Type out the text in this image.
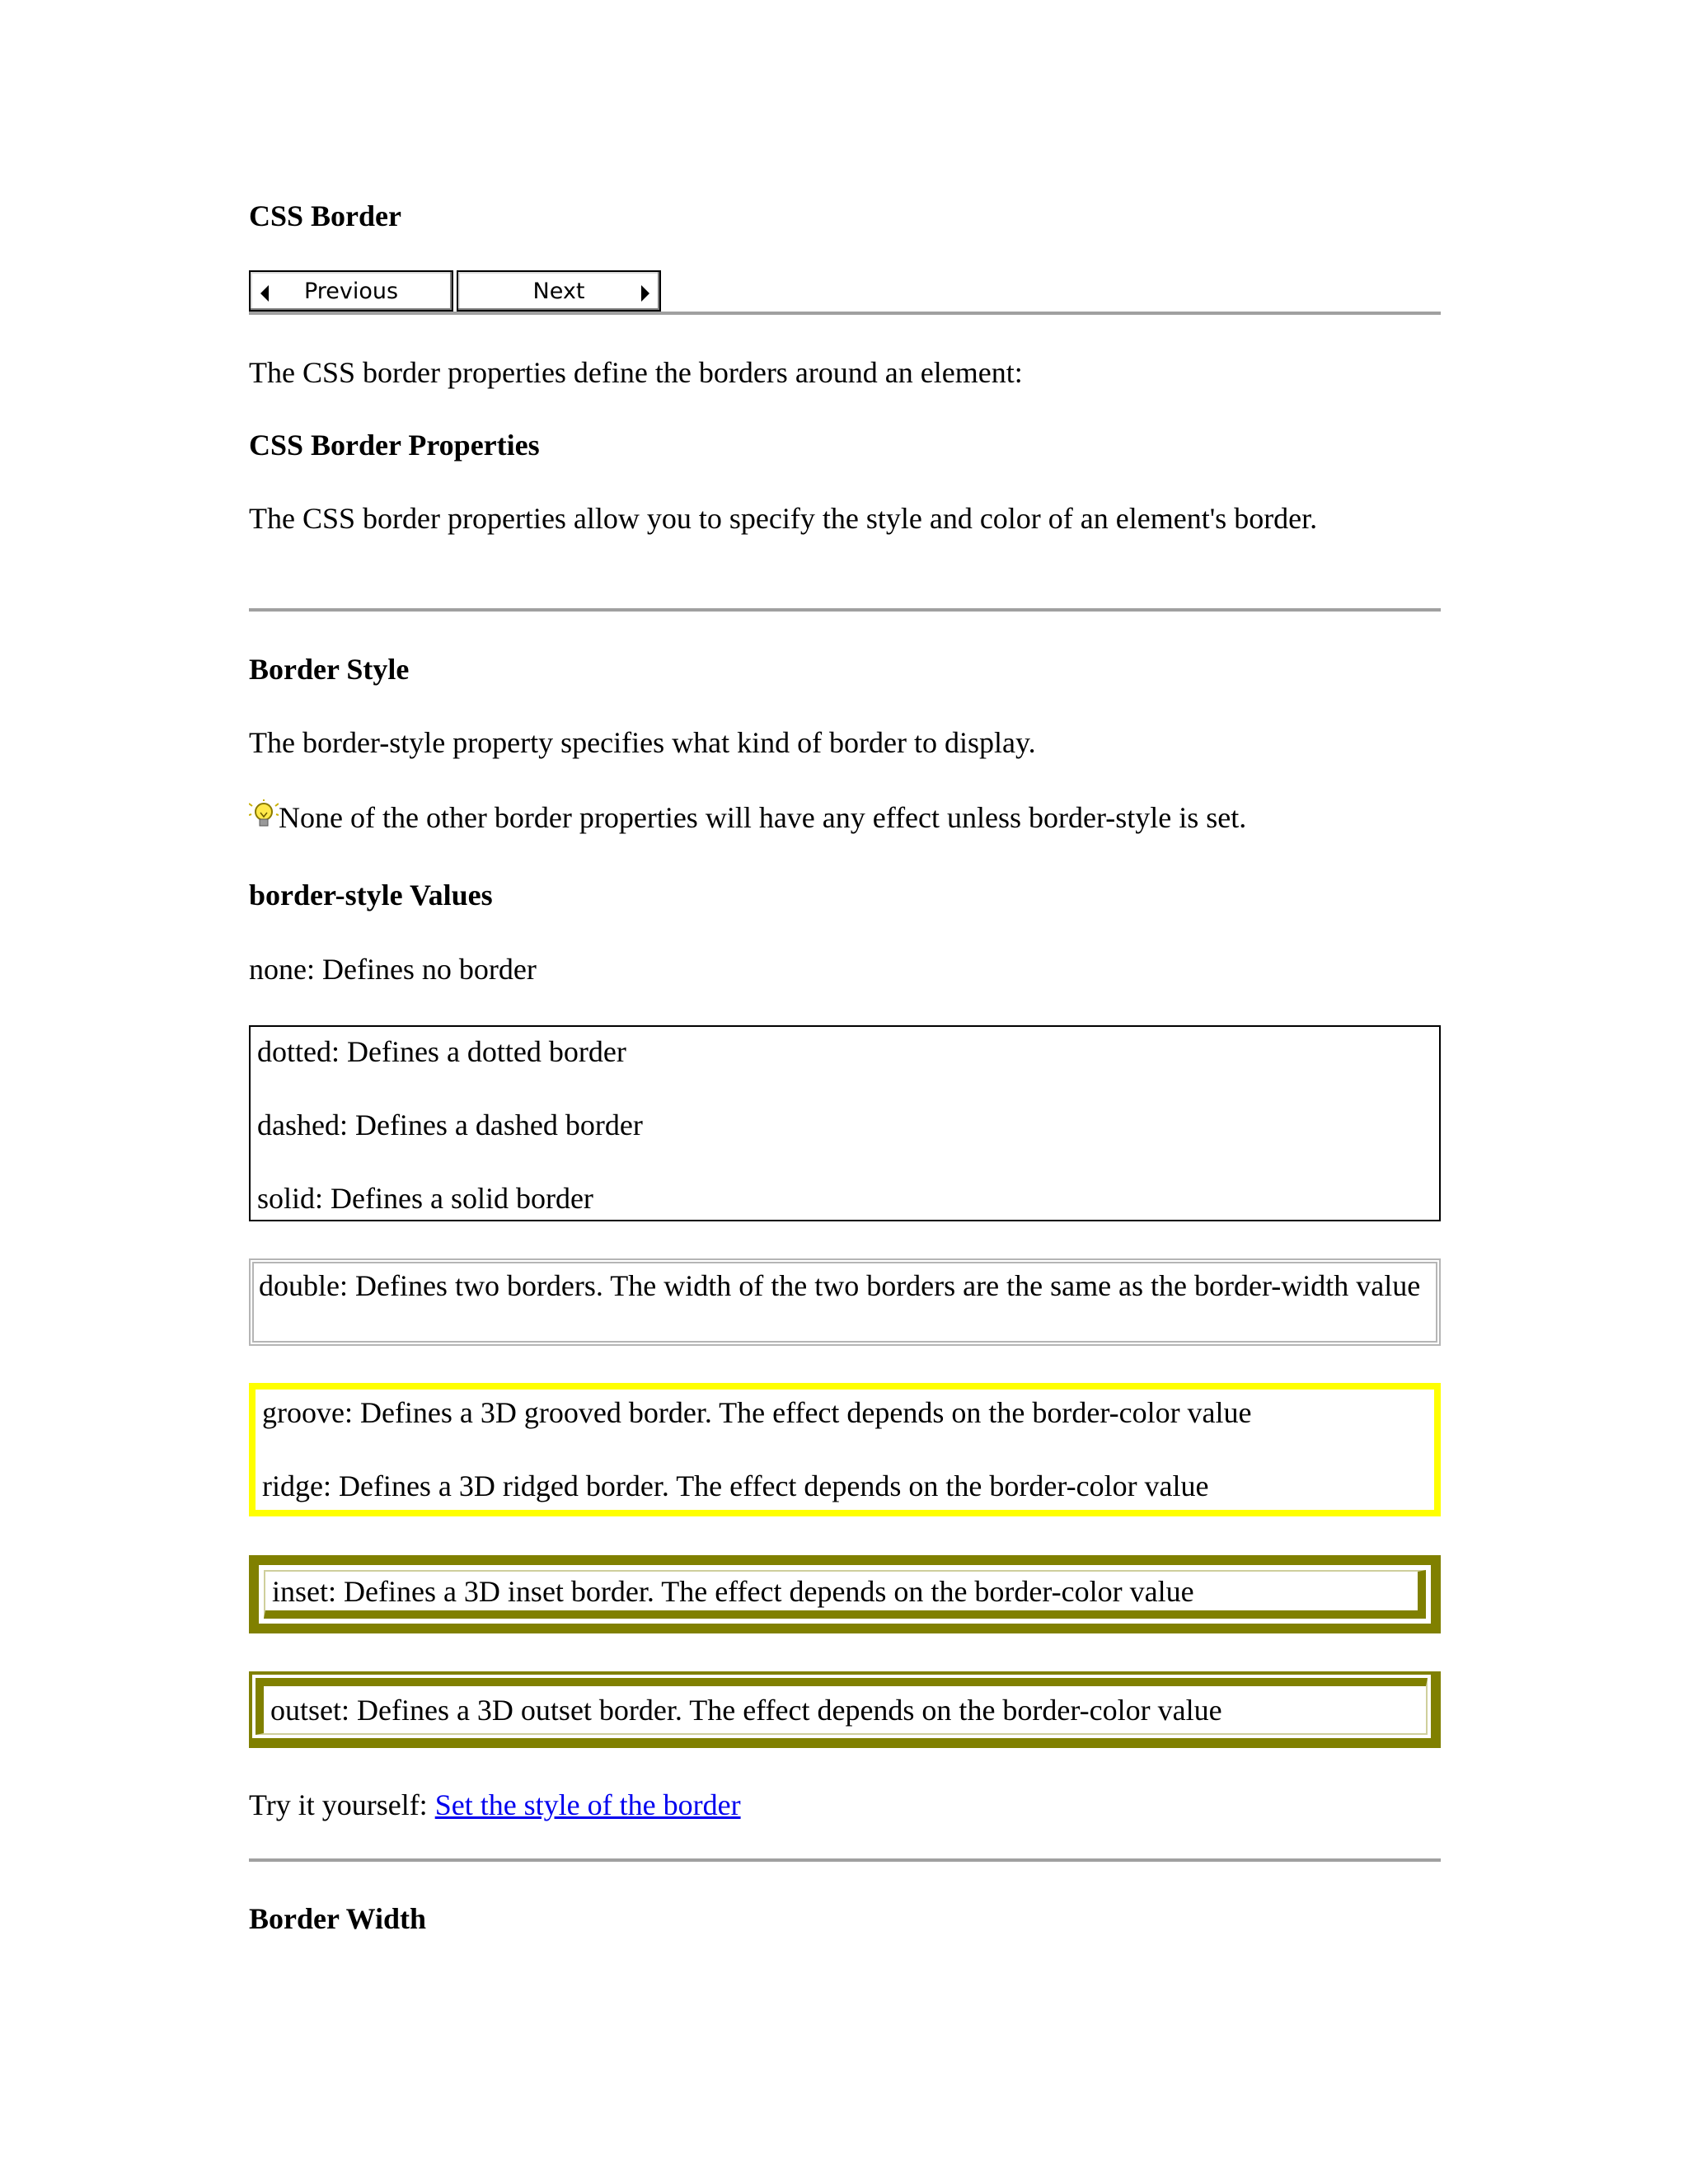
CSS Border
Previous	Next
The CSS border properties define the borders around an element:
CSS Border Properties
The CSS border properties allow you to specify the style and color of an element's border.
Border Style
The border-style property specifies what kind of border to display.
None of the other border properties will have any effect unless border-style is set.
border-style Values
none: Defines no border
dotted: Defines a dotted border
dashed: Defines a dashed border
solid: Defines a solid border
double: Defines two borders. The width of the two borders are the same as the border-width value
groove: Defines a 3D grooved border. The effect depends on the border-color value
ridge: Defines a 3D ridged border. The effect depends on the border-color value
inset: Defines a 3D inset border. The effect depends on the border-color value
outset: Defines a 3D outset border. The effect depends on the border-color value
Try it yourself: Set the style of the border
Border Width
